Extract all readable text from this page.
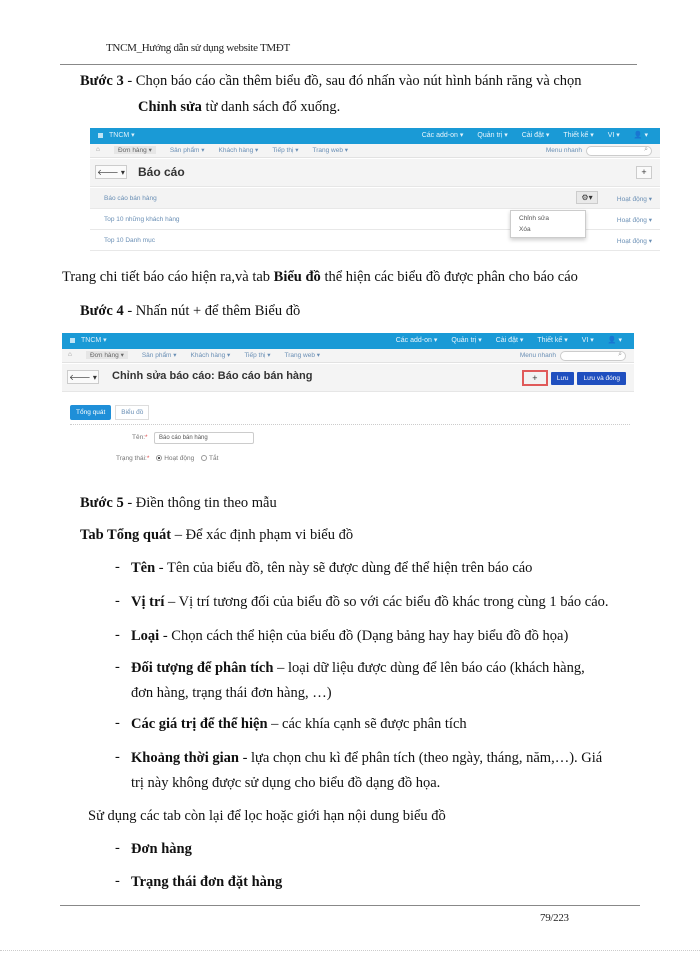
TNCM_Hướng dẫn sử dụng website TMĐT
Bước 3 - Chọn báo cáo cần thêm biểu đồ, sau đó nhấn vào nút hình bánh răng và chọn
Chỉnh sửa từ danh sách đổ xuống.
TNCM ▾	Các add-on ▾ Quản trị ▾ Cài đặt ▾ Thiết kế ▾ VI ▾ 👤 ▾
⌂	Đơn hàng ▾	Sản phẩm ▾ Khách hàng ▾ Tiếp thị ▾ Trang web ▾	Menu nhanh	⌕
🡐 ▾ Báo cáo	+
Báo cáo bán hàng	⚙▾	Hoạt động ▾
Top 10 những khách hàng	Hoạt động ▾
Top 10 Danh mục	Hoạt động ▾
Chỉnh sửa
Xóa
Trang chi tiết báo cáo hiện ra,và tab Biểu đồ thể hiện các biểu đồ được phân cho báo cáo
Bước 4 - Nhấn nút + để thêm Biểu đồ
TNCM ▾	Các add-on ▾ Quản trị ▾ Cài đặt ▾ Thiết kế ▾ VI ▾ 👤 ▾
⌂	Đơn hàng ▾	Sản phẩm ▾ Khách hàng ▾ Tiếp thị ▾ Trang web ▾	Menu nhanh	⌕
🡐 ▾ Chỉnh sửa báo cáo: Báo cáo bán hàng	+	Lưu	Lưu và đóng
Tổng quát	Biểu đồ
Tên:*	Báo cáo bán hàng
Trạng thái:* Hoạt động Tắt
Bước 5 - Điền thông tin theo mẫu
Tab Tổng quát – Để xác định phạm vi biểu đồ
- Tên - Tên của biểu đồ, tên này sẽ được dùng để thể hiện trên báo cáo
- Vị trí – Vị trí tương đối của biểu đồ so với các biểu đồ khác trong cùng 1 báo cáo.
- Loại - Chọn cách thể hiện của biểu đồ (Dạng bảng hay hay biểu đồ đồ họa)
- Đối tượng để phân tích – loại dữ liệu được dùng để lên báo cáo (khách hàng,
đơn hàng, trạng thái đơn hàng, …)
- Các giá trị để thể hiện – các khía cạnh sẽ được phân tích
- Khoảng thời gian - lựa chọn chu kì để phân tích (theo ngày, tháng, năm,…). Giá
trị này không được sử dụng cho biểu đồ dạng đồ họa.
Sử dụng các tab còn lại để lọc hoặc giới hạn nội dung biểu đồ
- Đơn hàng
- Trạng thái đơn đặt hàng
79/223
